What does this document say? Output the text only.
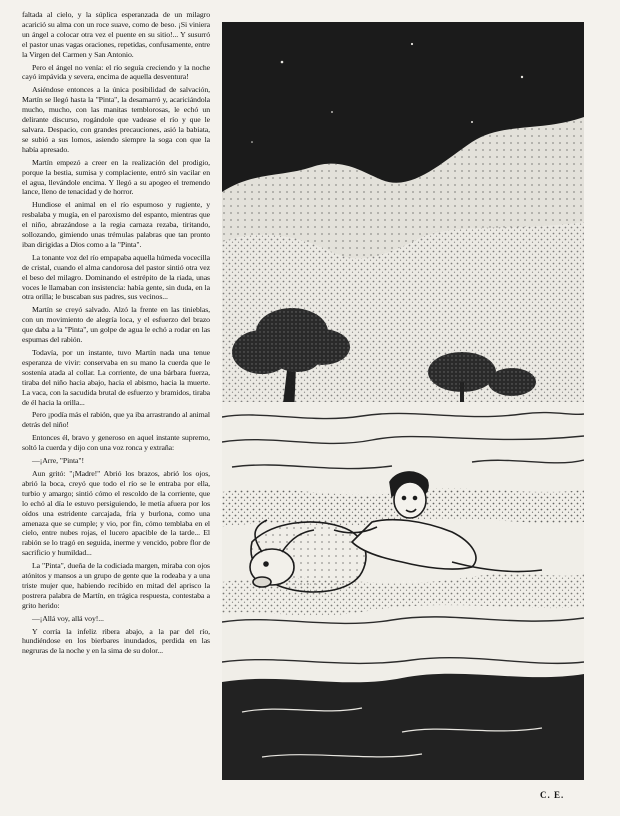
faltada al cielo, y la súplica esperanzada de un milagro acarició su alma con un roce suave, como de beso. ¡Si viniera un ángel a colocar otra vez el puente en su sitio!... Y susurró el pastor unas vagas oraciones, repetidas, confusamente, entre la Virgen del Carmen y San Antonio.

Pero el ángel no venía: el río seguía creciendo y la noche cayó impávida y severa, encima de aquella desventura!

Asiéndose entonces a la única posibilidad de salvación, Martín se llegó hasta la "Pinta", la desamarró y, acariciándola mucho, mucho, con las manitas temblorosas, le echó un delirante discurso, rogándole que vadease el río y que le salvara. Despacio, con grandes precauciones, asió la babiata, se subió a sus lomos, asiendo siempre la soga con que la había apresado.

Martín empezó a creer en la realización del prodigio, porque la bestia, sumisa y complaciente, entró sin vacilar en el agua, llevándole encima. Y llegó a su apogeo el tremendo lance, lleno de tenacidad y de horror.

Hundiose el animal en el río espumoso y rugiente, y resbalaba y mugía, en el paroxismo del espanto, mientras que el niño, abrazándose a la regia carnaza rezaba, tiritando, sollozando, gimiendo unas trémulas palabras que tan pronto iban dirigidas a Dios como a la "Pinta".

La tonante voz del río empapaba aquella húmeda vocecilla de cristal, cuando el alma candorosa del pastor sintió otra vez el beso del milagro. Dominando el estrépito de la riada, unas voces le llamaban con insistencia: había gente, sin duda, en la otra orilla; le buscaban sus padres, sus vecinos...

Martín se creyó salvado. Alzó la frente en las tinieblas, con un movimiento de alegría loca, y el esfuerzo del brazo que daba a la "Pinta", un golpe de agua le echó a rodar en las espumas del rabión.

Todavía, por un instante, tuvo Martín nada una tenue esperanza de vivir: conservaba en su mano la cuerda que le sostenía atada al collar. La corriente, de una bárbara fuerza, tiraba del niño hacia abajo, hacia el abismo, hacia la muerte. La vaca, con la sacudida brutal de esfuerzo y bramidos, tiraba de él hacia la orilla...

Pero ¡podía más el rabión, que ya iba arrastrando al animal detrás del niño!

Entonces él, bravo y generoso en aquel instante supremo, soltó la cuerda y dijo con una voz ronca y extraña:

—¡Arre, "Pinta"!

Aun gritó: "¡Madre!" Abrió los brazos, abrió los ojos, abrió la boca, creyó que todo el río se le entraba por ella, turbio y amargo; sintió cómo el rescoldo de la corriente, que lo echó al día le estuvo persiguiendo, le metía afuera por los oídos una estridente carcajada, fría y burlona, como una amenaza que se cumple; y vio, por fin, cómo temblaba en el cielo, entre nubes rojas, el lucero apacible de la tarde... El rabión se lo tragó en seguida, inerme y vencido, pobre flor de sacrificio y humildad...

La "Pinta", dueña de la codiciada margen, miraba con ojos atónitos y mansos a un grupo de gente que la rodeaba y a una triste mujer que, habiendo recibido en mitad del aprisco la postrera palabra de Martín, en trágica respuesta, contestaba a grito herido:

—¡Allá voy, allá voy!...

Y corría la infeliz ribera abajo, a la par del río, hundiéndose en los bierbares inundados, perdida en las negruras de la noche y en la sima de su dolor...

C. E.
